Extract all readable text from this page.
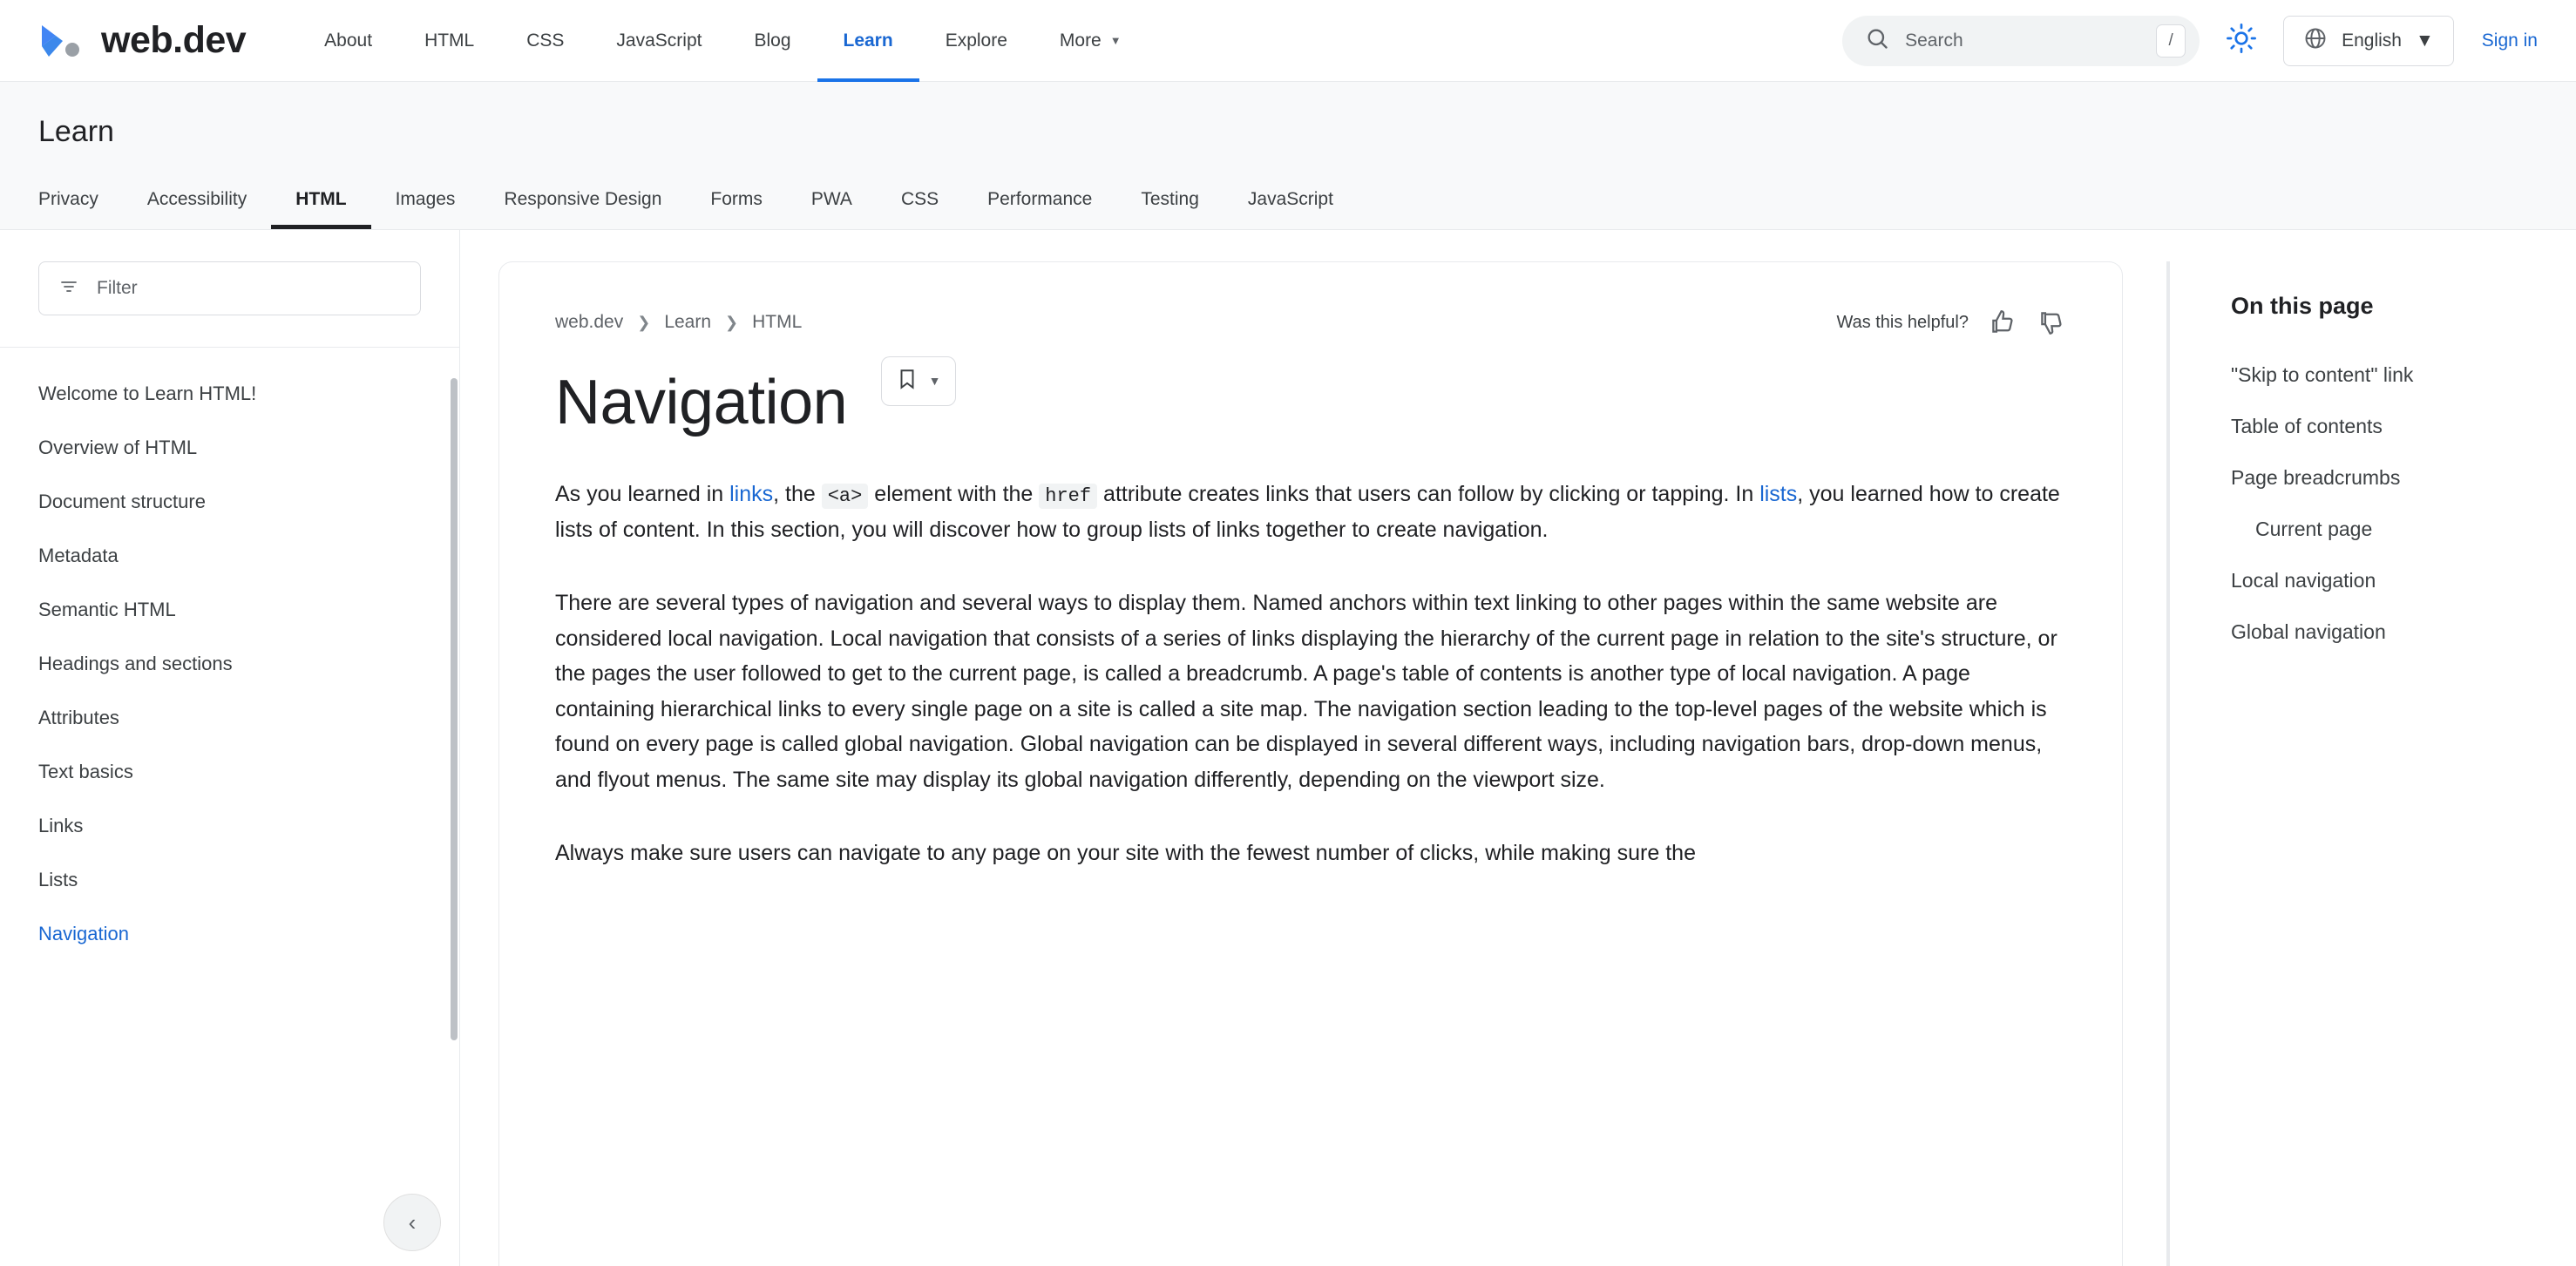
web.dev	About	HTML	CSS	JavaScript	Blog	Learn	Explore	More ▼	Search	/	English ▼	Sign in
Learn
Privacy	Accessibility	HTML	Images	Responsive Design	Forms	PWA	CSS	Performance	Testing	JavaScript
Filter
Welcome to Learn HTML!
Overview of HTML
Document structure
Metadata
Semantic HTML
Headings and sections
Attributes
Text basics
Links
Lists
Navigation
‹
web.dev ❯ Learn ❯ HTML	Was this helpful?
Navigation	▼

As you learned in links, the <a> element with the href attribute creates links that users can follow by clicking or tapping. In lists, you learned how to create lists of content. In this section, you will discover how to group lists of links together to create navigation.

There are several types of navigation and several ways to display them. Named anchors within text linking to other pages within the same website are considered local navigation. Local navigation that consists of a series of links displaying the hierarchy of the current page in relation to the site's structure, or the pages the user followed to get to the current page, is called a breadcrumb. A page's table of contents is another type of local navigation. A page containing hierarchical links to every single page on a site is called a site map. The navigation section leading to the top-level pages of the website which is found on every page is called global navigation. Global navigation can be displayed in several different ways, including navigation bars, drop-down menus, and flyout menus. The same site may display its global navigation differently, depending on the viewport size.

Always make sure users can navigate to any page on your site with the fewest number of clicks, while making sure the

On this page
"Skip to content" link
Table of contents
Page breadcrumbs
Current page
Local navigation
Global navigation
